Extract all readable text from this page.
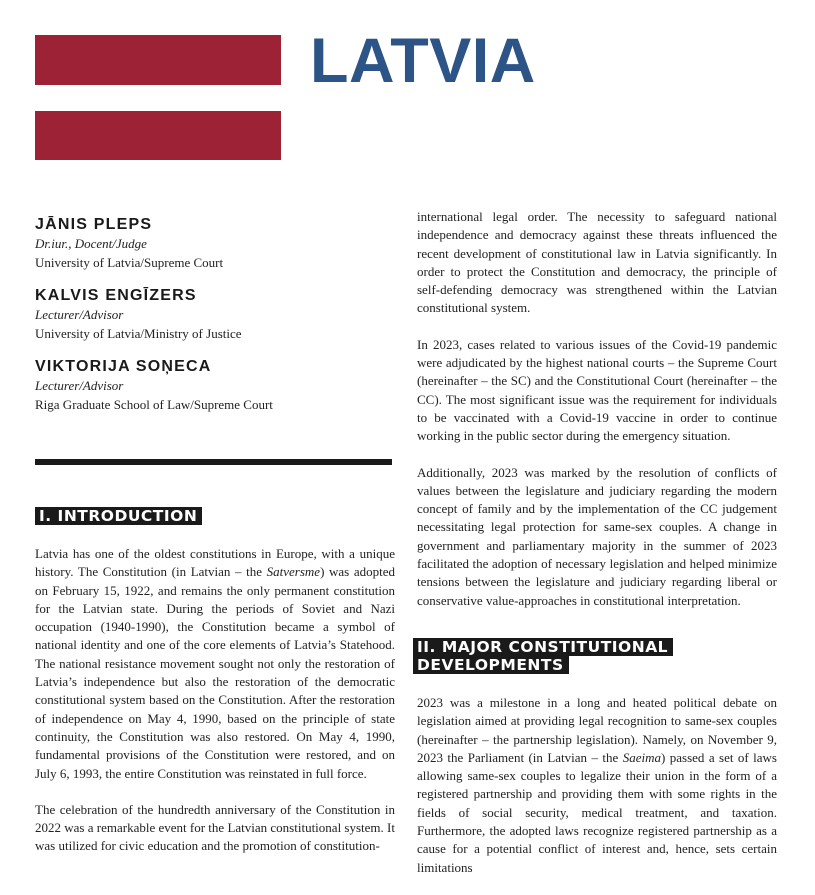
LATVIA
JĀNIS PLEPS
Dr.iur., Docent/Judge
University of Latvia/Supreme Court
KALVIS ENGĪZERS
Lecturer/Advisor
University of Latvia/Ministry of Justice
VIKTORIJA SOŅECA
Lecturer/Advisor
Riga Graduate School of Law/Supreme Court
I. INTRODUCTION

Latvia has one of the oldest constitutions in Europe, with a unique history. The Constitution (in Latvian – the Satversme) was adopted on February 15, 1922, and remains the only permanent constitution for the Latvian state. During the periods of Soviet and Nazi occupation (1940-1990), the Constitution became a symbol of national identity and one of the core elements of Latvia’s Statehood. The national resistance movement sought not only the restoration of Latvia’s independence but also the restoration of the democratic constitutional system based on the Constitution. After the restoration of independence on May 4, 1990, based on the principle of state continuity, the Constitution was also restored. On May 4, 1990, fundamental provisions of the Constitution were restored, and on July 6, 1993, the entire Constitution was reinstated in full force.

The celebration of the hundredth anniversary of the Constitution in 2022 was a remarkable event for the Latvian constitutional system. It was utilized for civic education and the promotion of constitution-

international legal order. The necessity to safeguard national independence and democracy against these threats influenced the recent development of constitutional law in Latvia significantly. In order to protect the Constitution and democracy, the principle of self-defending democracy was strengthened within the Latvian constitutional system.

In 2023, cases related to various issues of the Covid-19 pandemic were adjudicated by the highest national courts – the Supreme Court (hereinafter – the SC) and the Constitutional Court (hereinafter – the CC). The most significant issue was the requirement for individuals to be vaccinated with a Covid-19 vaccine in order to continue working in the public sector during the emergency situation.

Additionally, 2023 was marked by the resolution of conflicts of values between the legislature and judiciary regarding the modern concept of family and by the implementation of the CC judgement necessitating legal protection for same-sex couples. A change in government and parliamentary majority in the summer of 2023 facilitated the adoption of necessary legislation and helped minimize tensions between the legislature and judiciary regarding liberal or conservative value-approaches in constitutional interpretation.

II. MAJOR CONSTITUTIONAL DEVELOPMENTS

2023 was a milestone in a long and heated political debate on legislation aimed at providing legal recognition to same-sex couples (hereinafter – the partnership legislation). Namely, on November 9, 2023 the Parliament (in Latvian – the Saeima) passed a set of laws allowing same-sex couples to legalize their union in the form of a registered partnership and providing them with some rights in the fields of social security, medical treatment, and taxation. Furthermore, the adopted laws recognize registered partnership as a cause for a potential conflict of interest and, hence, sets certain limitations
